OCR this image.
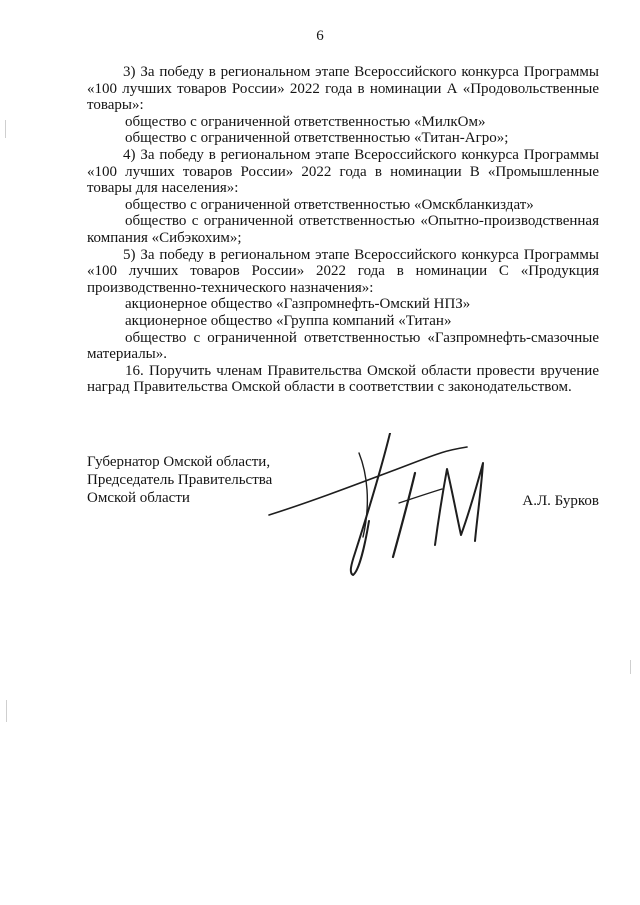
6

3) За победу в региональном этапе Всероссийского конкурса Программы «100 лучших товаров России» 2022 года в номинации А «Продовольственные товары»:

общество с ограниченной ответственностью «МилкОм»

общество с ограниченной ответственностью «Титан-Агро»;

4) За победу в региональном этапе Всероссийского конкурса Программы «100 лучших товаров России» 2022 года в номинации В «Промышленные товары для населения»:

общество с ограниченной ответственностью «Омскбланкиздат»

общество с ограниченной ответственностью «Опытно-производственная компания «Сибэкохим»;

5) За победу в региональном этапе Всероссийского конкурса Программы «100 лучших товаров России» 2022 года в номинации С «Продукция производственно-технического назначения»:

акционерное общество «Газпромнефть-Омский НПЗ»

акционерное общество «Группа компаний «Титан»

общество с ограниченной ответственностью «Газпромнефть-смазочные материалы».

16. Поручить членам Правительства Омской области провести вручение наград Правительства Омской области в соответствии с законодательством.

Губернатор Омской области,
Председатель Правительства
Омской области	А.Л. Бурков
